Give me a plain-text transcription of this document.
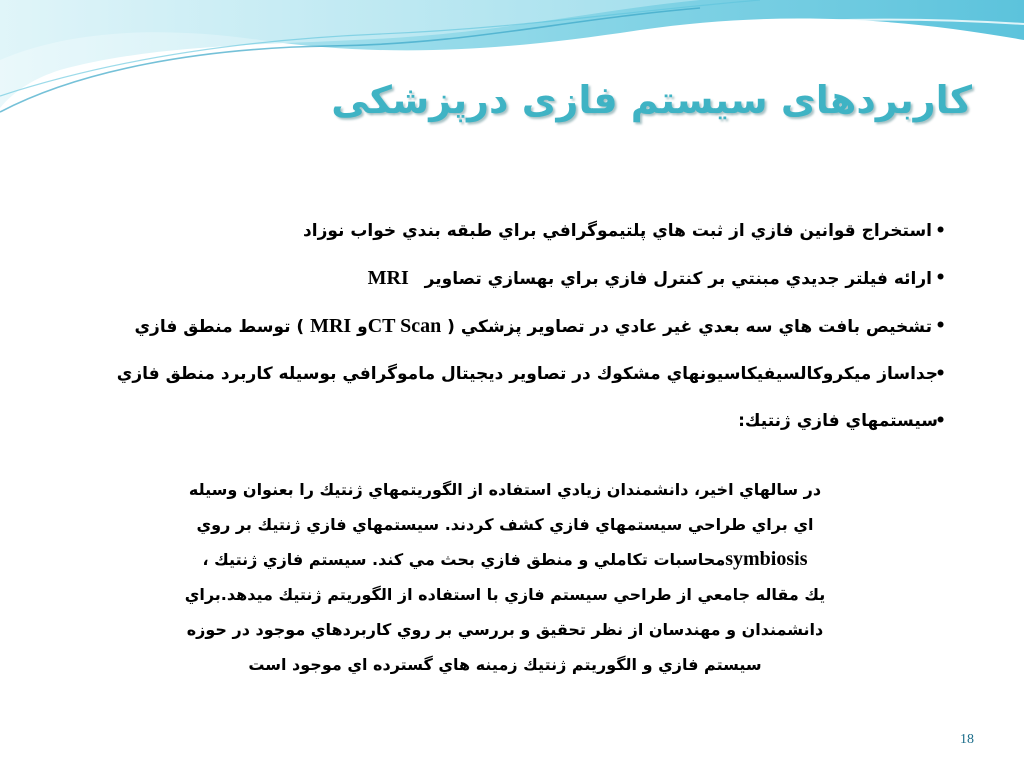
کاربردهای سیستم فازی درپزشکی
•
استخراج قوانين فازي از ثبت هاي پلتيموگرافي براي طبقه بندي خواب نوزاد
•
ارائه فيلتر جديدي مبنتي بر كنترل فازي براي بهسازي تصاوير MRI
•
تشخيص بافت هاي سه بعدي غير عادي در تصاوير پزشكي ( CT Scanو MRI ) توسط منطق فازي
•
جداساز ميكروكالسيفيكاسيونهاي مشكوك در تصاوير ديجيتال ماموگرافي بوسيله كاربرد منطق فازي
•
سيستمهاي فازي ژنتيك:
در سالهاي اخير، دانشمندان زيادي استفاده از الگوريتمهاي ژنتيك را بعنوان وسيله
اي براي طراحي سيستمهاي فازي كشف كردند. سيستمهاي فازي ژنتيك بر روي
symbiosisمحاسبات تكاملي و منطق فازي بحث مي كند. سيستم فازي ژنتيك ،
يك مقاله جامعي از طراحي سيستم فازي با استفاده از الگوريتم ژنتيك ميدهد.براي
دانشمندان و مهندسان از نظر تحقيق و بررسي بر روي كاربردهاي موجود در حوزه
سيستم فازي و الگوريتم ژنتيك زمينه هاي گسترده اي موجود است
18
